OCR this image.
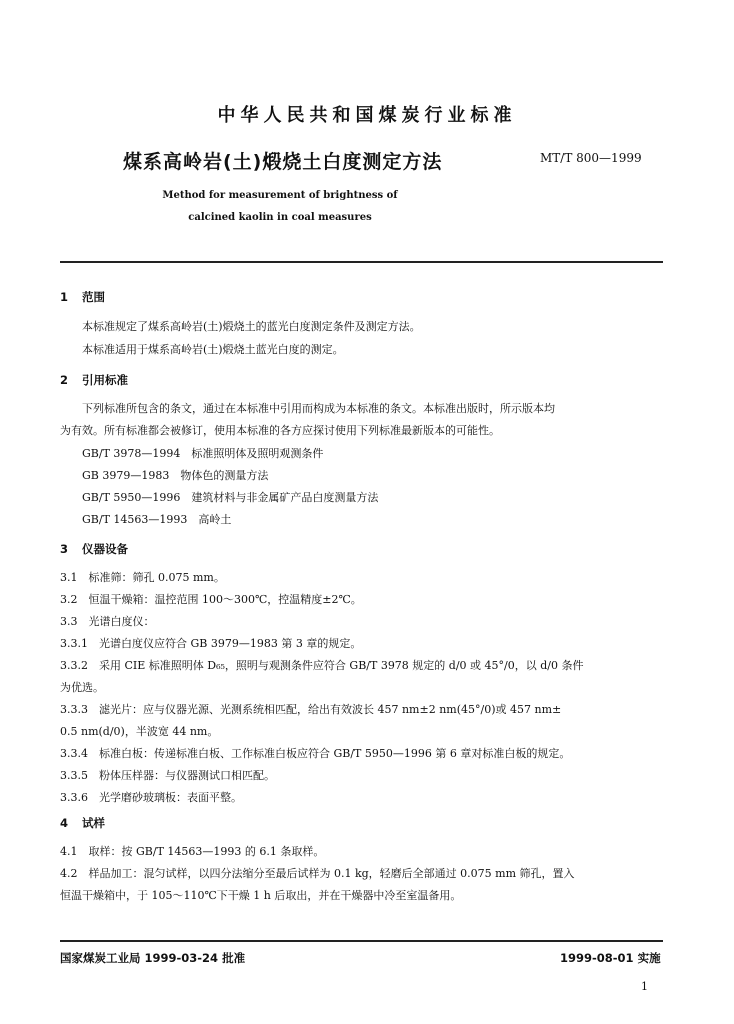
中华人民共和国煤炭行业标准
煤系高岭岩(土)煅烧土白度测定方法	MT/T 800—1999
Method for measurement of brightness of
calcined kaolin in coal measures
1 范围
本标准规定了煤系高岭岩(土)煅烧土的蓝光白度测定条件及测定方法。
本标准适用于煤系高岭岩(土)煅烧土蓝光白度的测定。
2 引用标准
下列标准所包含的条文，通过在本标准中引用而构成为本标准的条文。本标准出版时，所示版本均
为有效。所有标准都会被修订，使用本标准的各方应探讨使用下列标准最新版本的可能性。
GB/T 3978—1994　标准照明体及照明观测条件
GB 3979—1983　物体色的测量方法
GB/T 5950—1996　建筑材料与非金属矿产品白度测量方法
GB/T 14563—1993　高岭土
3 仪器设备
3.1　标准筛：筛孔 0.075 mm。
3.2　恒温干燥箱：温控范围 100～300℃，控温精度±2℃。
3.3　光谱白度仪：
3.3.1　光谱白度仪应符合 GB 3979—1983 第 3 章的规定。
3.3.2　采用 CIE 标准照明体 D₆₅，照明与观测条件应符合 GB/T 3978 规定的 d/0 或 45°/0，以 d/0 条件
为优选。
3.3.3　滤光片：应与仪器光源、光测系统相匹配，给出有效波长 457 nm±2 nm(45°/0)或 457 nm±
0.5 nm(d/0)，半波宽 44 nm。
3.3.4　标准白板：传递标准白板、工作标准白板应符合 GB/T 5950—1996 第 6 章对标准白板的规定。
3.3.5　粉体压样器：与仪器测试口相匹配。
3.3.6　光学磨砂玻璃板：表面平整。
4 试样
4.1　取样：按 GB/T 14563—1993 的 6.1 条取样。
4.2　样品加工：混匀试样，以四分法缩分至最后试样为 0.1 kg，轻磨后全部通过 0.075 mm 筛孔，置入
恒温干燥箱中，于 105～110℃下干燥 1 h 后取出，并在干燥器中冷至室温备用。
国家煤炭工业局 1999-03-24 批准	1999-08-01 实施
1
